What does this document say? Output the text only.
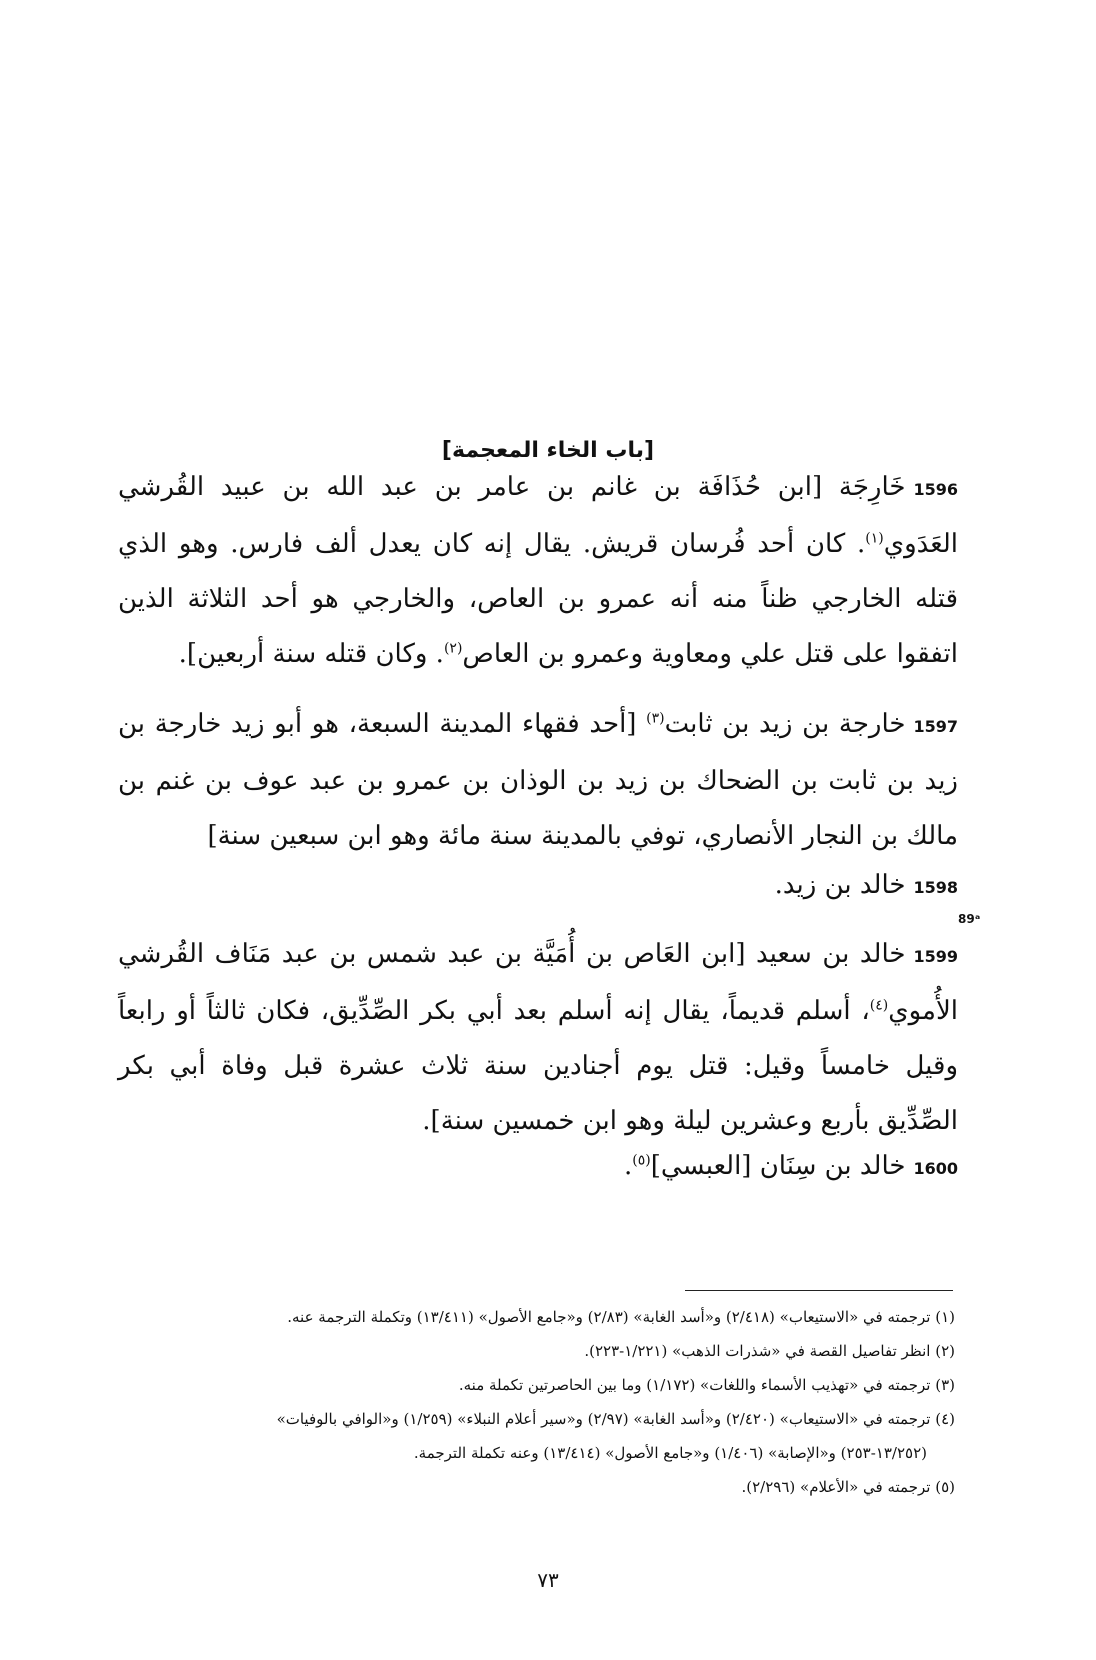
[باب الخاء المعجمة]
1596خَارِجَة [ابن حُذَافَة بن غانم بن عامر بن عبد الله بن عبيد القُرشي العَدَوي$^{(١)}$. كان أحد فُرسان قريش. يقال إنه كان يعدل ألف فارس. وهو الذي قتله الخارجي ظناً منه أنه عمرو بن العاص، والخارجي هو أحد الثلاثة الذين اتفقوا على قتل علي ومعاوية وعمرو بن العاص$^{(٢)}$. وكان قتله سنة أربعين].
1597خارجة بن زيد بن ثابت$^{(٣)}$ [أحد فقهاء المدينة السبعة، هو أبو زيد خارجة بن زيد بن ثابت بن الضحاك بن زيد بن الوذان بن عمرو بن عبد عوف بن غنم بن مالك بن النجار الأنصاري، توفي بالمدينة سنة مائة وهو ابن سبعين سنة]
1598خالد بن زيد.
89ᵃ
1599خالد بن سعيد [ابن العَاص بن أُمَيَّة بن عبد شمس بن عبد مَنَاف القُرشي الأُموي$^{(٤)}$، أسلم قديماً، يقال إنه أسلم بعد أبي بكر الصِّدِّيق، فكان ثالثاً أو رابعاً وقيل خامساً وقيل: قتل يوم أجنادين سنة ثلاث عشرة قبل وفاة أبي بكر الصِّدِّيق بأربع وعشرين ليلة وهو ابن خمسين سنة].
1600خالد بن سِنَان [العبسي]$^{(٥)}$.

(١) ترجمته في «الاستيعاب» (٢/٤١٨) و«أسد الغابة» (٢/٨٣) و«جامع الأصول» (١٣/٤١١) وتكملة الترجمة عنه.

(٢) انظر تفاصيل القصة في «شذرات الذهب» (١/٢٢١-٢٢٣).

(٣) ترجمته في «تهذيب الأسماء واللغات» (١/١٧٢) وما بين الحاصرتين تكملة منه.

(٤) ترجمته في «الاستيعاب» (٢/٤٢٠) و«أسد الغابة» (٢/٩٧) و«سير أعلام النبلاء» (١/٢٥٩) و«الوافي بالوفيات»

(١٣/٢٥٢-٢٥٣) و«الإصابة» (١/٤٠٦) و«جامع الأصول» (١٣/٤١٤) وعنه تكملة الترجمة.

(٥) ترجمته في «الأعلام» (٢/٢٩٦).

٧٣
